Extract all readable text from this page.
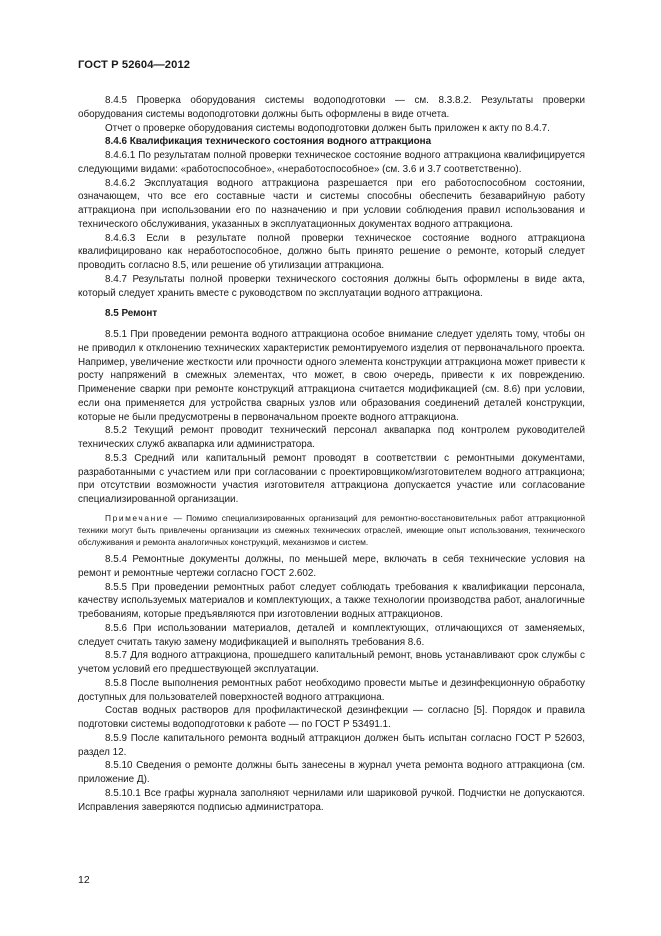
ГОСТ Р 52604—2012

8.4.5 Проверка оборудования системы водоподготовки — см. 8.3.8.2. Результаты проверки оборудования системы водоподготовки должны быть оформлены в виде отчета.

Отчет о проверке оборудования системы водоподготовки должен быть приложен к акту по 8.4.7.

8.4.6 Квалификация технического состояния водного аттракциона

8.4.6.1 По результатам полной проверки техническое состояние водного аттракциона квалифицируется следующими видами: «работоспособное», «неработоспособное» (см. 3.6 и 3.7 соответственно).

8.4.6.2 Эксплуатация водного аттракциона разрешается при его работоспособном состоянии, означающем, что все его составные части и системы способны обеспечить безаварийную работу аттракциона при использовании его по назначению и при условии соблюдения правил использования и технического обслуживания, указанных в эксплуатационных документах водного аттракциона.

8.4.6.3 Если в результате полной проверки техническое состояние водного аттракциона квалифицировано как неработоспособное, должно быть принято решение о ремонте, который следует проводить согласно 8.5, или решение об утилизации аттракциона.

8.4.7 Результаты полной проверки технического состояния должны быть оформлены в виде акта, который следует хранить вместе с руководством по эксплуатации водного аттракциона.

8.5 Ремонт

8.5.1 При проведении ремонта водного аттракциона особое внимание следует уделять тому, чтобы он не приводил к отклонению технических характеристик ремонтируемого изделия от первоначального проекта. Например, увеличение жесткости или прочности одного элемента конструкции аттракциона может привести к росту напряжений в смежных элементах, что может, в свою очередь, привести к их повреждению. Применение сварки при ремонте конструкций аттракциона считается модификацией (см. 8.6) при условии, если она применяется для устройства сварных узлов или образования соединений деталей конструкции, которые не были предусмотрены в первоначальном проекте водного аттракциона.

8.5.2 Текущий ремонт проводит технический персонал аквапарка под контролем руководителей технических служб аквапарка или администратора.

8.5.3 Средний или капитальный ремонт проводят в соответствии с ремонтными документами, разработанными с участием или при согласовании с проектировщиком/изготовителем водного аттракциона; при отсутствии возможности участия изготовителя аттракциона допускается участие или согласование специализированной организации.

Примечание — Помимо специализированных организаций для ремонтно-восстановительных работ аттракционной техники могут быть привлечены организации из смежных технических отраслей, имеющие опыт использования, технического обслуживания и ремонта аналогичных конструкций, механизмов и систем.

8.5.4 Ремонтные документы должны, по меньшей мере, включать в себя технические условия на ремонт и ремонтные чертежи согласно ГОСТ 2.602.

8.5.5 При проведении ремонтных работ следует соблюдать требования к квалификации персонала, качеству используемых материалов и комплектующих, а также технологии производства работ, аналогичные требованиям, которые предъявляются при изготовлении водных аттракционов.

8.5.6 При использовании материалов, деталей и комплектующих, отличающихся от заменяемых, следует считать такую замену модификацией и выполнять требования 8.6.

8.5.7 Для водного аттракциона, прошедшего капитальный ремонт, вновь устанавливают срок службы с учетом условий его предшествующей эксплуатации.

8.5.8 После выполнения ремонтных работ необходимо провести мытье и дезинфекционную обработку доступных для пользователей поверхностей водного аттракциона.

Состав водных растворов для профилактической дезинфекции — согласно [5]. Порядок и правила подготовки системы водоподготовки к работе — по ГОСТ Р 53491.1.

8.5.9 После капитального ремонта водный аттракцион должен быть испытан согласно ГОСТ Р 52603, раздел 12.

8.5.10 Сведения о ремонте должны быть занесены в журнал учета ремонта водного аттракциона (см. приложение Д).

8.5.10.1 Все графы журнала заполняют чернилами или шариковой ручкой. Подчистки не допускаются. Исправления заверяются подписью администратора.

12
